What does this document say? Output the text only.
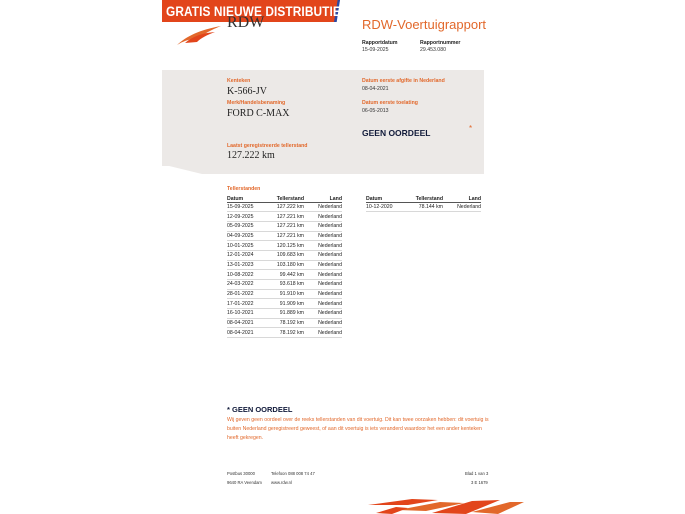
GRATIS NIEUWE DISTRIBUTIE RIEM
RDW	RDW-Voertuigrapport
Rapportdatum
15-09-2025
Rapportnummer
29.453.080
Kenteken
K-566-JV
Merk/Handelsbenaming
FORD C-MAX
Laatst geregistreerde tellerstand
127.222 km
Datum eerste afgifte in Nederland
08-04-2021
Datum eerste toelating
06-05-2013
GEEN OORDEEL	*
Tellerstanden
Datum	Tellerstand	Land
15-09-2025	127.222 km	Nederland
12-09-2025	127.221 km	Nederland
05-09-2025	127.221 km	Nederland
04-09-2025	127.221 km	Nederland
10-01-2025	120.125 km	Nederland
12-01-2024	109.683 km	Nederland
13-01-2023	103.180 km	Nederland
10-08-2022	99.442 km	Nederland
24-03-2022	93.618 km	Nederland
28-01-2022	91.910 km	Nederland
17-01-2022	91.909 km	Nederland
16-10-2021	91.889 km	Nederland
08-04-2021	78.192 km	Nederland
08-04-2021	78.192 km	Nederland
Datum	Tellerstand	Land
10-12-2020	78.144 km	Nederland
* GEEN OORDEEL
Wij geven geen oordeel over de reeks tellerstanden van dit voertuig. Dit kan twee oorzaken hebben: dit voertuig is buiten Nederland geregistreerd geweest, of aan dit voertuig is iets veranderd waardoor het een ander kenteken heeft gekregen.
Postbus 30000
9640 RA Veendam
Telefoon 088 008 74 47
www.rdw.nl
Blad 1 van 3
3 E 1679
